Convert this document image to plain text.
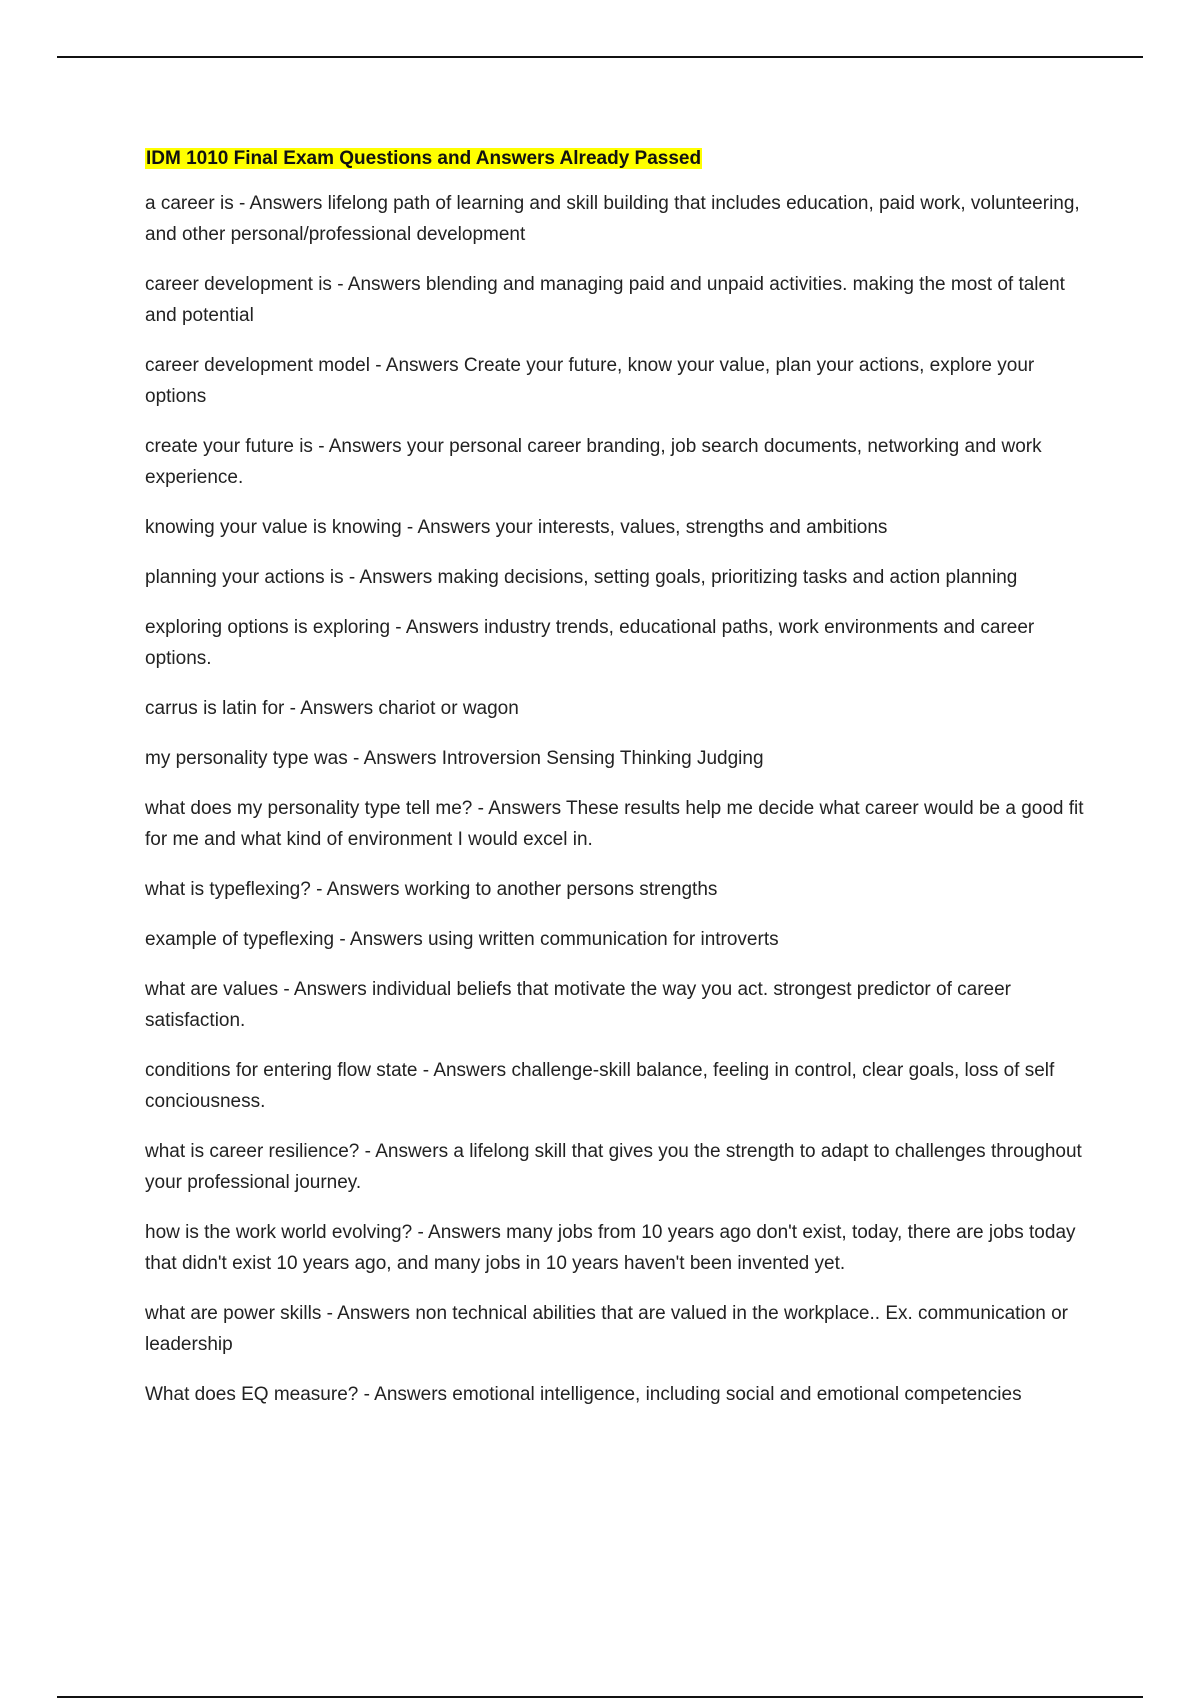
IDM 1010 Final Exam Questions and Answers Already Passed

a career is - Answers lifelong path of learning and skill building that includes education, paid work, volunteering, and other personal/professional development

career development is - Answers blending and managing paid and unpaid activities. making the most of talent and potential

career development model - Answers Create your future, know your value, plan your actions, explore your options

create your future is - Answers your personal career branding, job search documents, networking and work experience.

knowing your value is knowing - Answers your interests, values, strengths and ambitions

planning your actions is - Answers making decisions, setting goals, prioritizing tasks and action planning

exploring options is exploring - Answers industry trends, educational paths, work environments and career options.

carrus is latin for - Answers chariot or wagon

my personality type was - Answers Introversion Sensing Thinking Judging

what does my personality type tell me? - Answers These results help me decide what career would be a good fit for me and what kind of environment I would excel in.

what is typeflexing? - Answers working to another persons strengths

example of typeflexing - Answers using written communication for introverts

what are values - Answers individual beliefs that motivate the way you act. strongest predictor of career satisfaction.

conditions for entering flow state - Answers challenge-skill balance, feeling in control, clear goals, loss of self conciousness.

what is career resilience? - Answers a lifelong skill that gives you the strength to adapt to challenges throughout your professional journey.

how is the work world evolving? - Answers many jobs from 10 years ago don't exist, today, there are jobs today that didn't exist 10 years ago, and many jobs in 10 years haven't been invented yet.

what are power skills - Answers non technical abilities that are valued in the workplace.. Ex. communication or leadership

What does EQ measure? - Answers emotional intelligence, including social and emotional competencies
